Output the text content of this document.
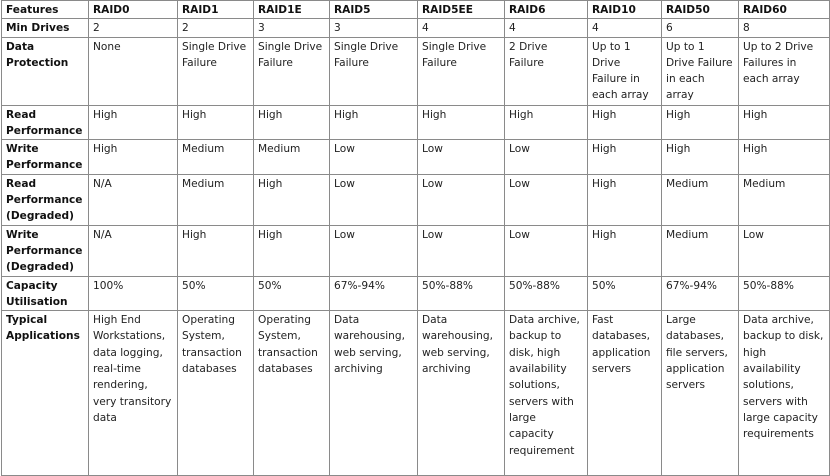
Features	RAID0	RAID1	RAID1E	RAID5	RAID5EE	RAID6	RAID10	RAID50	RAID60
Min Drives	2	2	3	3	4	4	4	6	8
Data Protection	None	Single Drive Failure	Single Drive Failure	Single Drive Failure	Single Drive Failure	2 Drive Failure	Up to 1 Drive Failure in each array	Up to 1 Drive Failure in each array	Up to 2 Drive Failures in each array
Read Performance	High	High	High	High	High	High	High	High	High
Write Performance	High	Medium	Medium	Low	Low	Low	High	High	High
Read Performance (Degraded)	N/A	Medium	High	Low	Low	Low	High	Medium	Medium
Write Performance (Degraded)	N/A	High	High	Low	Low	Low	High	Medium	Low
Capacity Utilisation	100%	50%	50%	67%-94%	50%-88%	50%-88%	50%	67%-94%	50%-88%
Typical Applications	High End Workstations, data logging, real-time rendering, very transitory data	Operating System, transaction databases	Operating System, transaction databases	Data warehousing, web serving, archiving	Data warehousing, web serving, archiving	Data archive, backup to disk, high availability solutions, servers with large capacity requirement	Fast databases, application servers	Large databases, file servers, application servers	Data archive, backup to disk, high availability solutions, servers with large capacity requirements
